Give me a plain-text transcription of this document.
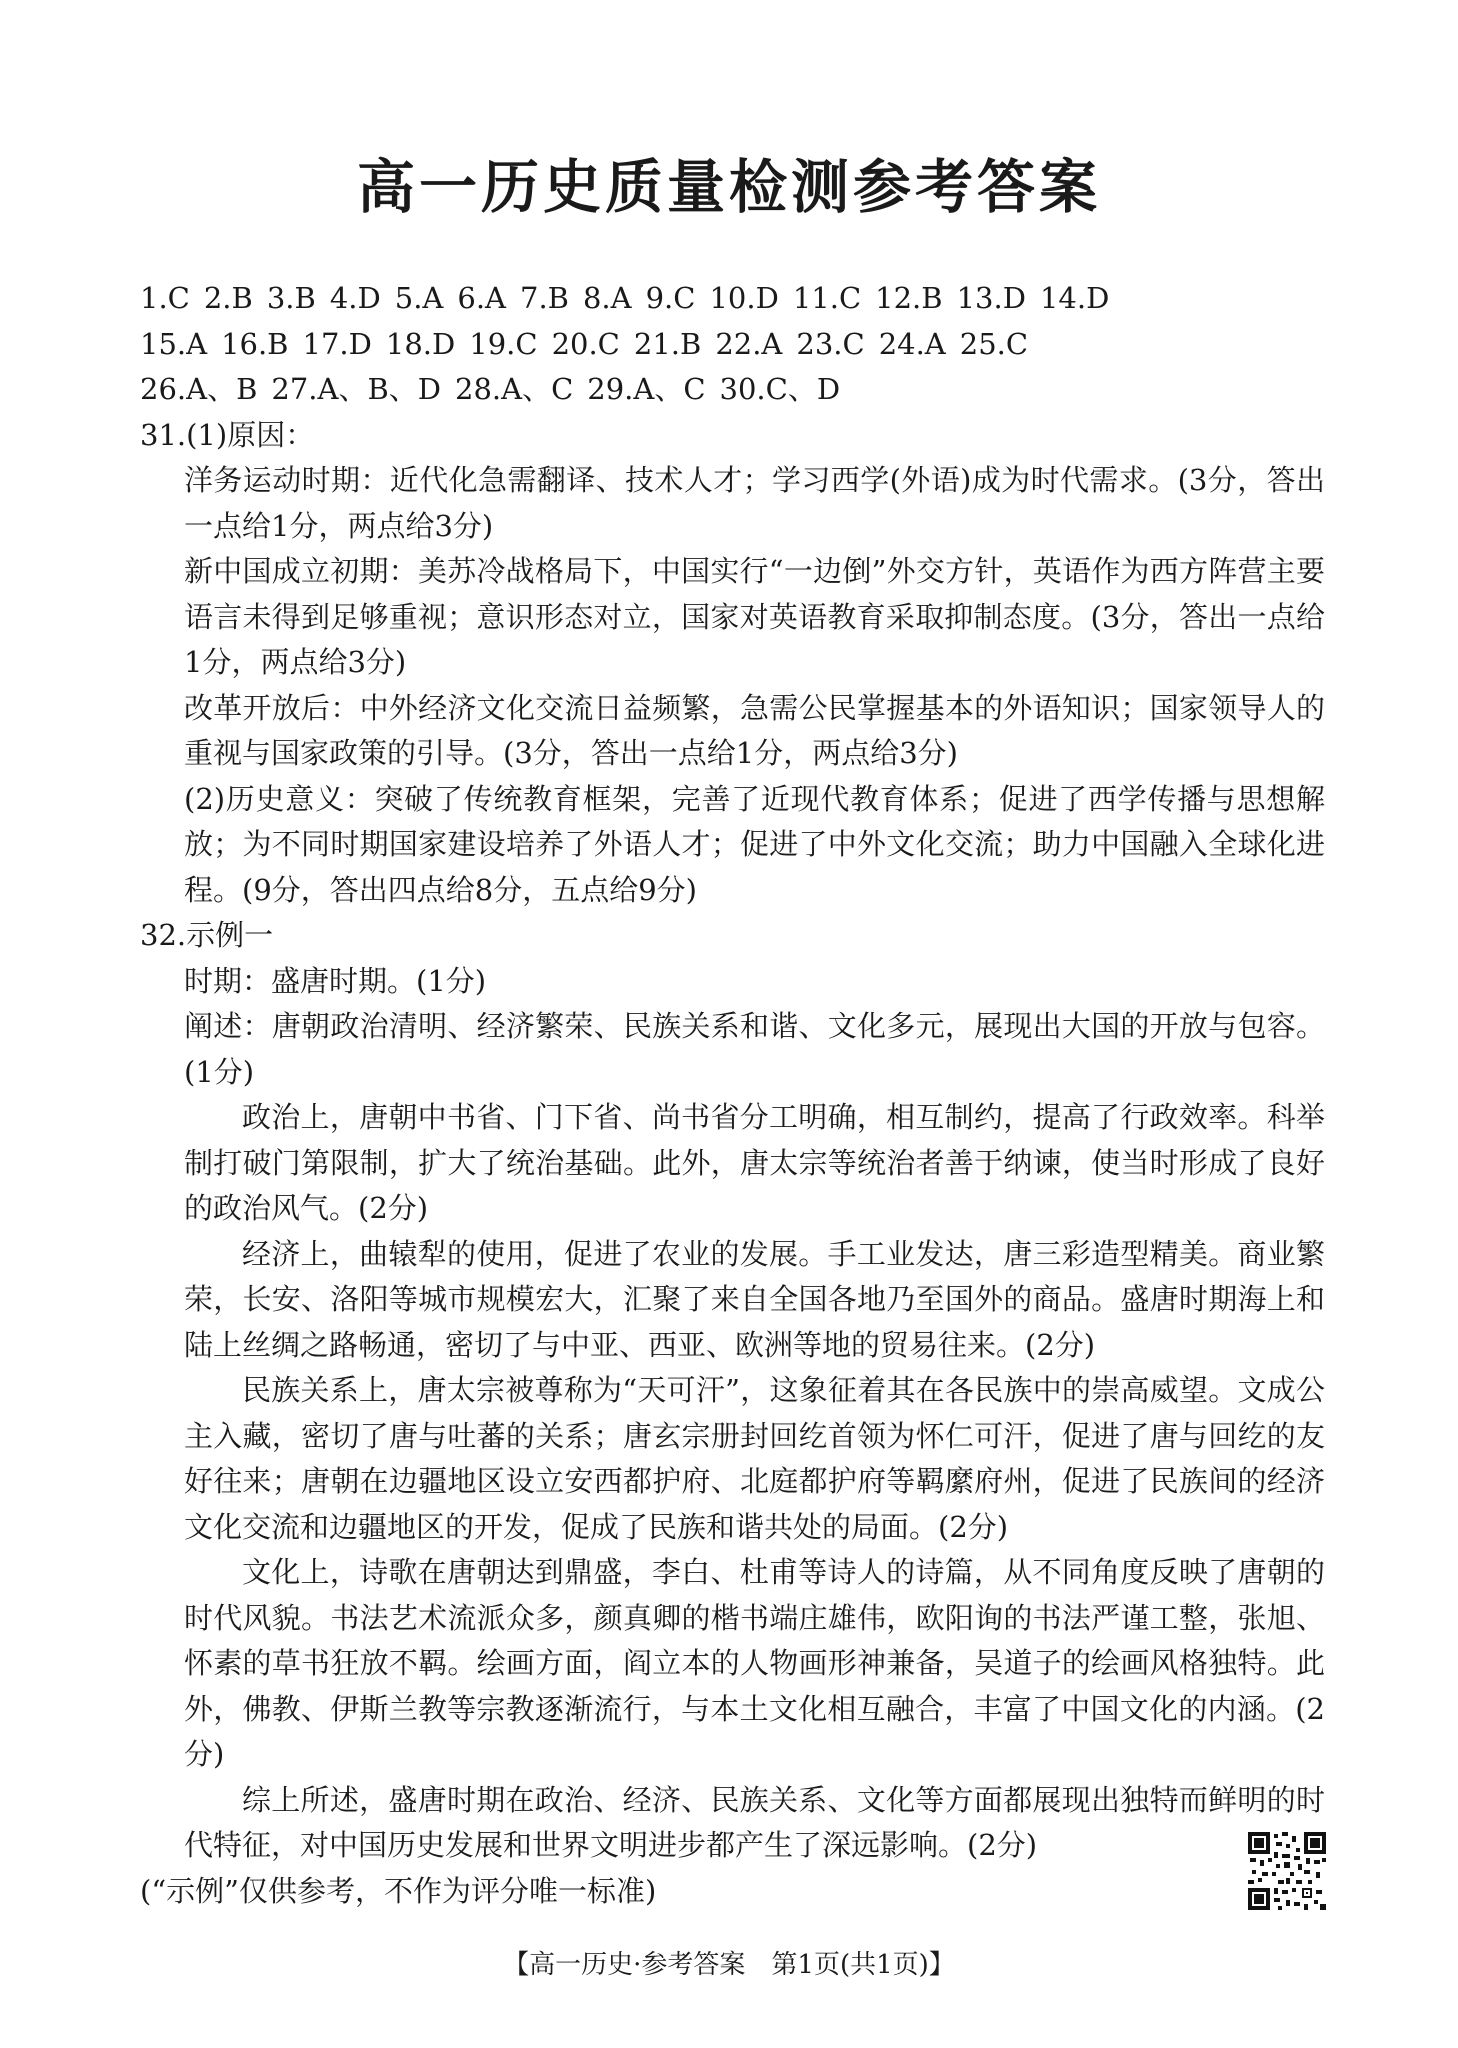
高一历史质量检测参考答案
1.C 2.B 3.B 4.D 5.A 6.A 7.B 8.A 9.C 10.D 11.C 12.B 13.D 14.D
15.A 16.B 17.D 18.D 19.C 20.C 21.B 22.A 23.C 24.A 25.C
26.A、B 27.A、B、D 28.A、C 29.A、C 30.C、D
31.(1)原因：
洋务运动时期：近代化急需翻译、技术人才；学习西学(外语)成为时代需求。(3分，答出一点给1分，两点给3分)
新中国成立初期：美苏冷战格局下，中国实行“一边倒”外交方针，英语作为西方阵营主要语言未得到足够重视；意识形态对立，国家对英语教育采取抑制态度。(3分，答出一点给1分，两点给3分)
改革开放后：中外经济文化交流日益频繁，急需公民掌握基本的外语知识；国家领导人的重视与国家政策的引导。(3分，答出一点给1分，两点给3分)
(2)历史意义：突破了传统教育框架，完善了近现代教育体系；促进了西学传播与思想解放；为不同时期国家建设培养了外语人才；促进了中外文化交流；助力中国融入全球化进程。(9分，答出四点给8分，五点给9分)
32.示例一
时期：盛唐时期。(1分)
阐述：唐朝政治清明、经济繁荣、民族关系和谐、文化多元，展现出大国的开放与包容。(1分)
政治上，唐朝中书省、门下省、尚书省分工明确，相互制约，提高了行政效率。科举制打破门第限制，扩大了统治基础。此外，唐太宗等统治者善于纳谏，使当时形成了良好的政治风气。(2分)
经济上，曲辕犁的使用，促进了农业的发展。手工业发达，唐三彩造型精美。商业繁荣，长安、洛阳等城市规模宏大，汇聚了来自全国各地乃至国外的商品。盛唐时期海上和陆上丝绸之路畅通，密切了与中亚、西亚、欧洲等地的贸易往来。(2分)
民族关系上，唐太宗被尊称为“天可汗”，这象征着其在各民族中的崇高威望。文成公主入藏，密切了唐与吐蕃的关系；唐玄宗册封回纥首领为怀仁可汗，促进了唐与回纥的友好往来；唐朝在边疆地区设立安西都护府、北庭都护府等羁縻府州，促进了民族间的经济文化交流和边疆地区的开发，促成了民族和谐共处的局面。(2分)
文化上，诗歌在唐朝达到鼎盛，李白、杜甫等诗人的诗篇，从不同角度反映了唐朝的时代风貌。书法艺术流派众多，颜真卿的楷书端庄雄伟，欧阳询的书法严谨工整，张旭、怀素的草书狂放不羁。绘画方面，阎立本的人物画形神兼备，吴道子的绘画风格独特。此外，佛教、伊斯兰教等宗教逐渐流行，与本土文化相互融合，丰富了中国文化的内涵。(2分)
综上所述，盛唐时期在政治、经济、民族关系、文化等方面都展现出独特而鲜明的时代特征，对中国历史发展和世界文明进步都产生了深远影响。(2分)
(“示例”仅供参考，不作为评分唯一标准)
【高一历史·参考答案　第1页(共1页)】
